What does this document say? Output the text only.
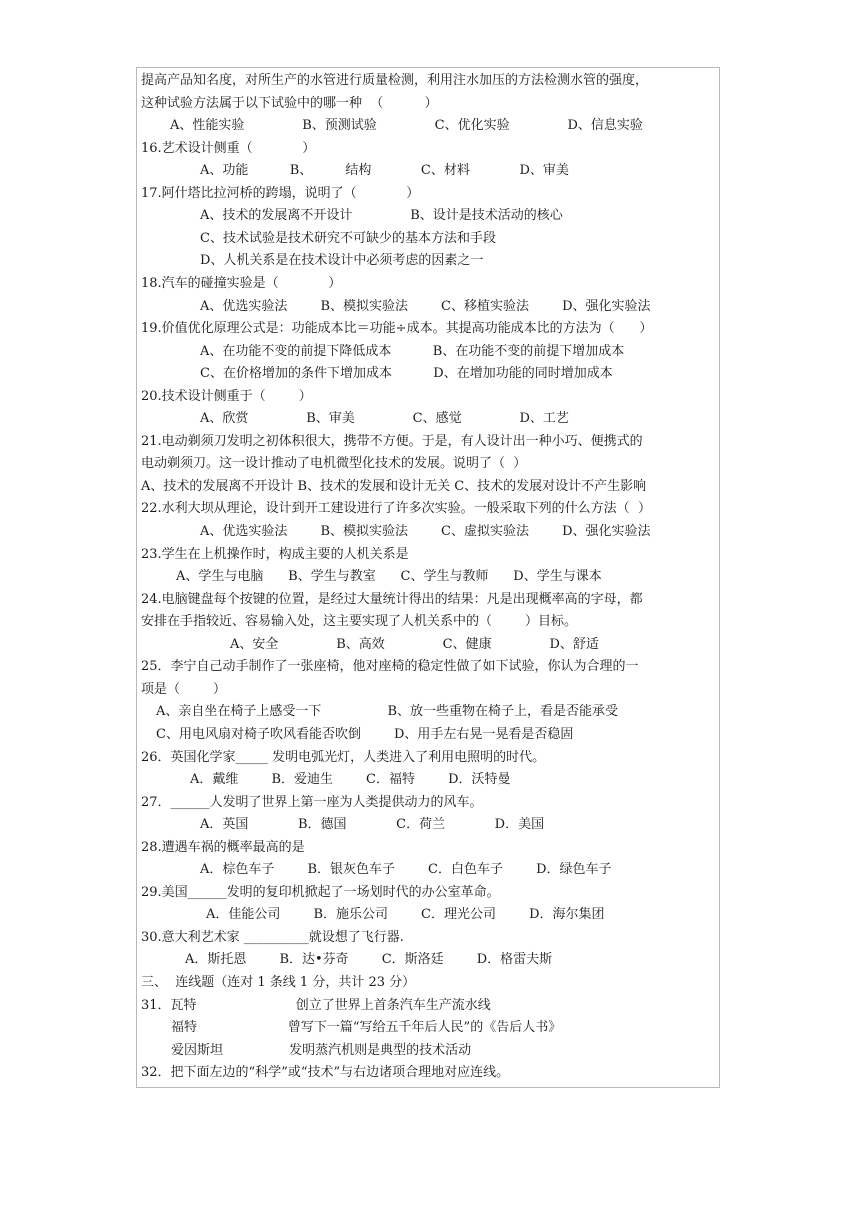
提高产品知名度，对所生产的水管进行质量检测，利用注水加压的方法检测水管的强度，
这种试验方法属于以下试验中的哪一种  （          ）
A、性能实验              B、预测试验              C、优化实验              D、信息实验
16.艺术设计侧重（            ）
A、功能          B、        结构            C、材料            D、审美
17.阿什塔比拉河桥的跨塌，说明了（            ）
A、技术的发展离不开设计              B、设计是技术活动的核心
C、技术试验是技术研究不可缺少的基本方法和手段
D、人机关系是在技术设计中必须考虑的因素之一
18.汽车的碰撞实验是（            ）
A、优选实验法        B、模拟实验法        C、移植实验法        D、强化实验法
19.价值优化原理公式是：功能成本比＝功能÷成本。其提高功能成本比的方法为（      ）
A、在功能不变的前提下降低成本          B、在功能不变的前提下增加成本
C、在价格增加的条件下增加成本          D、在增加功能的同时增加成本
20.技术设计侧重于（        ）
A、欣赏              B、审美              C、感觉              D、工艺
21.电动剃须刀发明之初体积很大，携带不方便。于是，有人设计出一种小巧、便携式的
电动剃须刀。这一设计推动了电机微型化技术的发展。说明了（  ）
A、技术的发展离不开设计 B、技术的发展和设计无关 C、技术的发展对设计不产生影响
22.水利大坝从理论，设计到开工建设进行了许多次实验。一般采取下列的什么方法（  ）
A、优选实验法        B、模拟实验法        C、虚拟实验法        D、强化实验法
23.学生在上机操作时，构成主要的人机关系是
A、学生与电脑      B、学生与教室      C、学生与教师      D、学生与课本
24.电脑键盘每个按键的位置，是经过大量统计得出的结果：凡是出现概率高的字母，都
安排在手指较近、容易输入处，这主要实现了人机关系中的（        ）目标。
A、安全              B、高效              C、健康              D、舒适
25．李宁自己动手制作了一张座椅，他对座椅的稳定性做了如下试验，你认为合理的一
项是（        ）
A、亲自坐在椅子上感受一下                B、放一些重物在椅子上，看是否能承受
C、用电风扇对椅子吹风看能否吹倒        D、用手左右晃一晃看是否稳固
26．英国化学家_____ 发明电弧光灯，人类进入了利用电照明的时代。
A．戴维        B．爱迪生        C．福特        D．沃特曼
27．______人发明了世界上第一座为人类提供动力的风车。
A．英国            B．德国            C．荷兰            D．美国
28.遭遇车祸的概率最高的是
A．棕色车子        B．银灰色车子        C．白色车子        D．绿色车子
29.美国______发明的复印机掀起了一场划时代的办公室革命。
A．佳能公司        B．施乐公司        C．理光公司        D．海尔集团
30.意大利艺术家 __________就设想了飞行器.
A．斯托恩        B．达•芬奇        C．斯洛廷        D．格雷夫斯
三、  连线题（连对 1 条线 1 分，共计 23 分）
31．瓦特                        创立了世界上首条汽车生产流水线
福特                      曾写下一篇“写给五千年后人民”的《告后人书》
爱因斯坦                发明蒸汽机则是典型的技术活动
32．把下面左边的“科学”或“技术”与右边诸项合理地对应连线。
